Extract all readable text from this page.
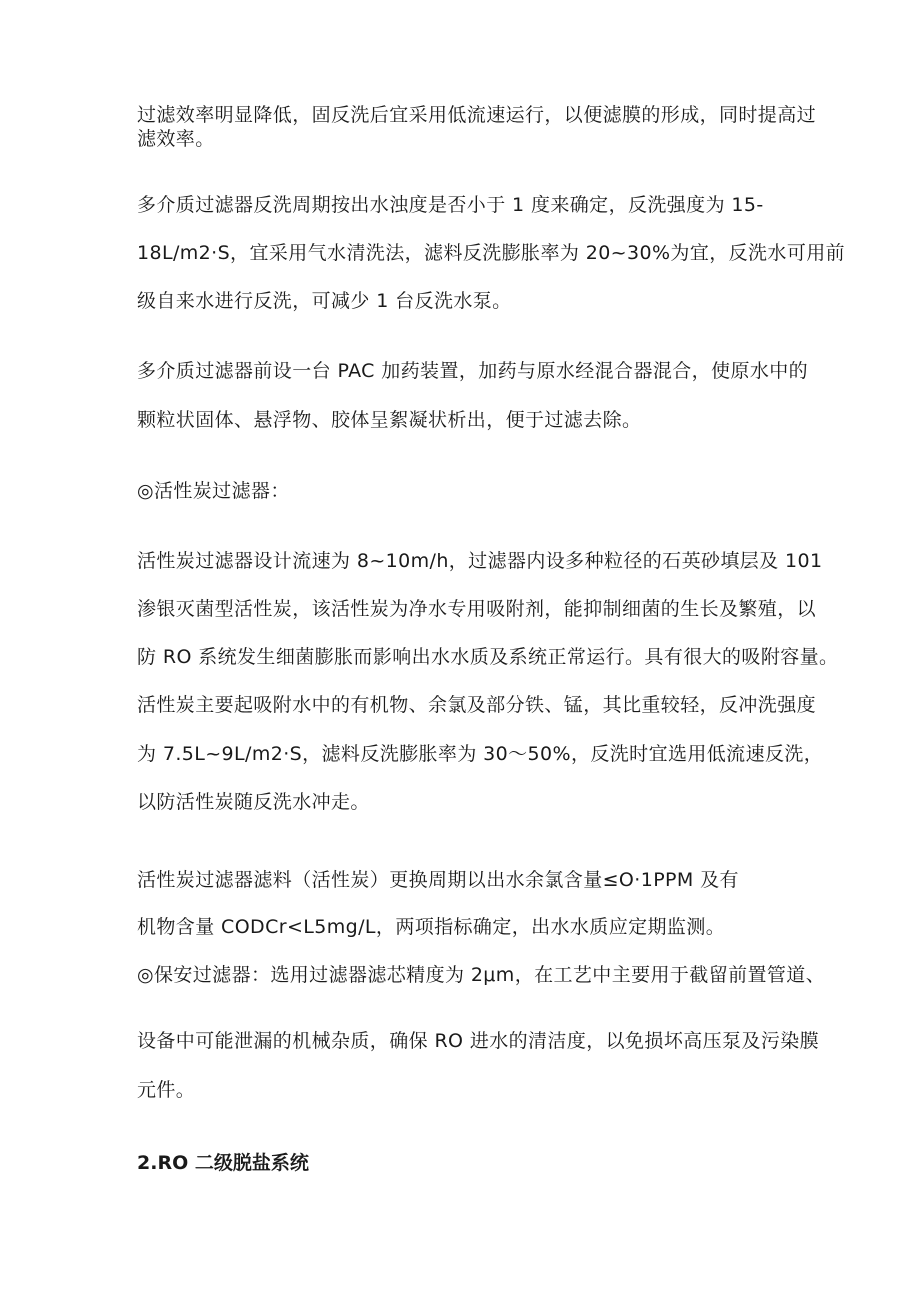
过滤效率明显降低，固反洗后宜采用低流速运行，以便滤膜的形成，同时提高过
滤效率。
多介质过滤器反洗周期按出水浊度是否小于 1 度来确定，反洗强度为 15-
18L/m2·S，宜采用气水清洗法，滤料反洗膨胀率为 20~30%为宜，反洗水可用前
级自来水进行反洗，可减少 1 台反洗水泵。
多介质过滤器前设一台 PAC 加药装置，加药与原水经混合器混合，使原水中的
颗粒状固体、悬浮物、胶体呈絮凝状析出，便于过滤去除。
◎活性炭过滤器：
活性炭过滤器设计流速为 8~10m/h，过滤器内设多种粒径的石英砂填层及 101
渗银灭菌型活性炭，该活性炭为净水专用吸附剂，能抑制细菌的生长及繁殖，以
防 RO 系统发生细菌膨胀而影响出水水质及系统正常运行。具有很大的吸附容量。
活性炭主要起吸附水中的有机物、余氯及部分铁、锰，其比重较轻，反冲洗强度
为 7.5L~9L/m2·S，滤料反洗膨胀率为 30～50%，反洗时宜选用低流速反洗，
以防活性炭随反洗水冲走。
活性炭过滤器滤料（活性炭）更换周期以出水余氯含量≤O·1PPM 及有
机物含量 CODCr<L5mg/L，两项指标确定，出水水质应定期监测。
◎保安过滤器：选用过滤器滤芯精度为 2μm，在工艺中主要用于截留前置管道、
设备中可能泄漏的机械杂质，确保 RO 进水的清洁度，以免损坏高压泵及污染膜
元件。
2.RO 二级脱盐系统
